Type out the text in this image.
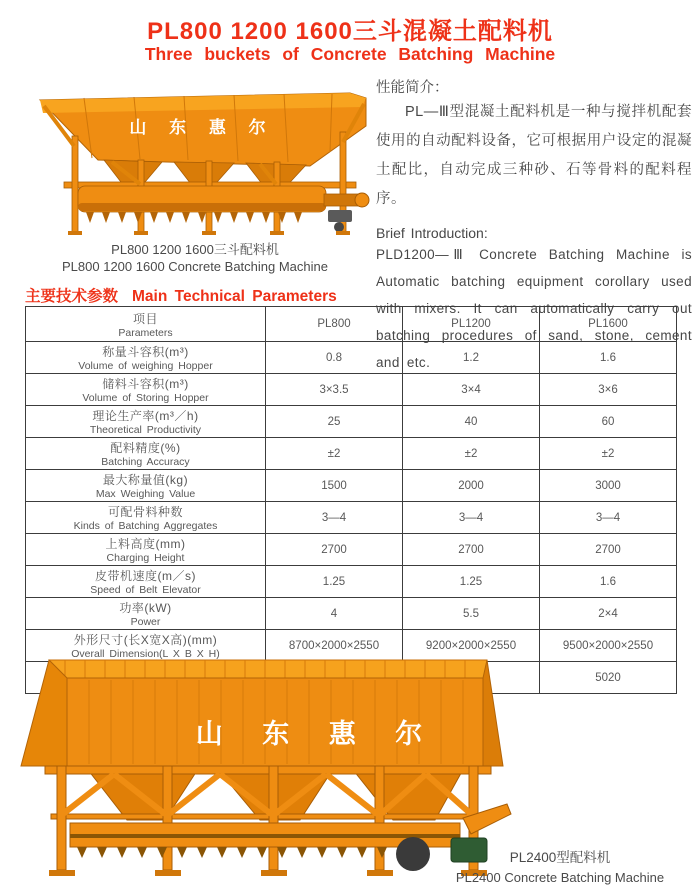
PL800 1200 1600三斗混凝土配料机
Three buckets of Concrete Batching Machine
山 东 惠 尔
PL800 1200 1600三斗配料机
PL800 1200 1600 Concrete Batching Machine

性能简介：

PL—Ⅲ型混凝土配料机是一种与搅拌机配套使用的自动配料设备，它可根据用户设定的混凝土配比，自动完成三种砂、石等骨料的配料程序。

Brief Introduction:

PLD1200—Ⅲ Concrete Batching Machine is Automatic batching equipment corollary used with mixers. It can automatically carry out batching procedures of sand, stone, cement and etc.

主要技术参数 Main Technical Parameters
项目
Parameters	PL800	PL1200	PL1600

称量斗容积(m³)
Volume of weighing Hopper	0.8	1.2	1.6

储料斗容积(m³)
Volume of Storing Hopper	3×3.5	3×4	3×6

理论生产率(m³／h)
Theoretical Productivity	25	40	60

配料精度(%)
Batching Accuracy	±2	±2	±2

最大称量值(kg)
Max Weighing Value	1500	2000	3000

可配骨料种数
Kinds of Batching Aggregates	3—4	3—4	3—4

上料高度(mm)
Charging Height	2700	2700	2700

皮带机速度(m／s)
Speed of Belt Elevator	1.25	1.25	1.6

功率(kW)
Power	4	5.5	2×4

外形尺寸(长X宽X高)(mm)
Overall Dimension(L X B X H)	8700×2000×2550	9200×2000×2550	9500×2000×2550

			5020
山 东 惠 尔
PL2400型配料机
PL2400 Concrete Batching Machine
